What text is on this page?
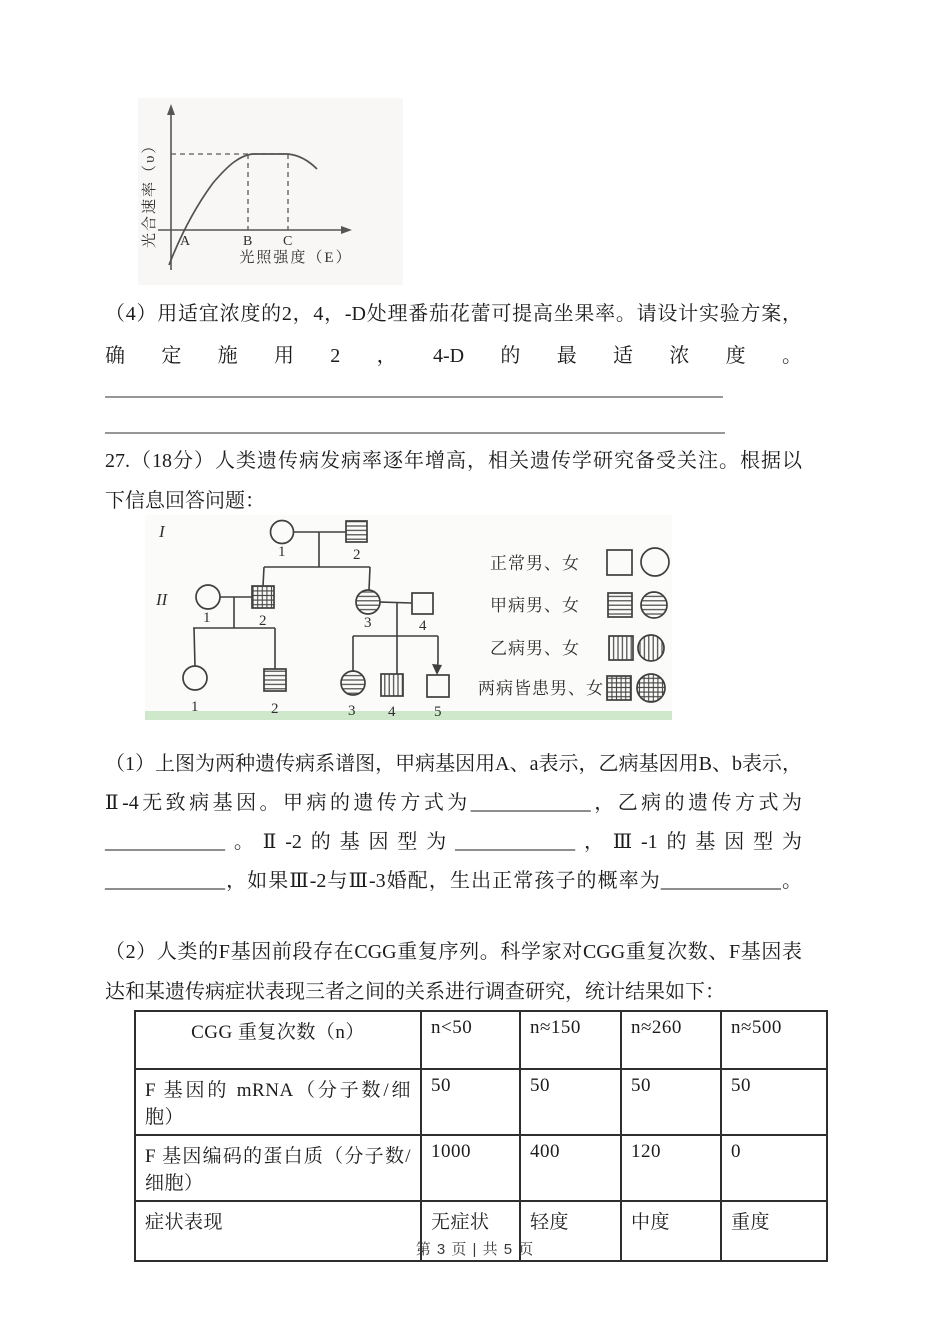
A	B C
光合速率（υ）
光照强度（E）
（4）用适宜浓度的2，4，-D处理番茄花蕾可提高坐果率。请设计实验方案，
确定施用2，4-D的最适浓度。
27.（18分）人类遗传病发病率逐年增高，相关遗传学研究备受关注。根据以
下信息回答问题：
I
II
1	2
1	2	3	4
1	2	3 4	5
正常男、女
甲病男、女
乙病男、女
两病皆患男、女
（1）上图为两种遗传病系谱图，甲病基因用A、a表示，乙病基因用B、b表示，
Ⅱ-4无致病基因。甲病的遗传方式为____________，乙病的遗传方式为
____________。Ⅱ-2的基因型为____________，Ⅲ-1的基因型为
____________，如果Ⅲ-2与Ⅲ-3婚配，生出正常孩子的概率为____________。
（2）人类的F基因前段存在CGG重复序列。科学家对CGG重复次数、F基因表
达和某遗传病症状表现三者之间的关系进行调查研究，统计结果如下：
CGG 重复次数（n）	n<50	n≈150	n≈260	n≈500
F 基因的 mRNA（分子数/细胞）	50	50	50	50
F 基因编码的蛋白质（分子数/细胞）	1000	400	120	0
症状表现	无症状	轻度	中度	重度
第 3 页 | 共 5 页
